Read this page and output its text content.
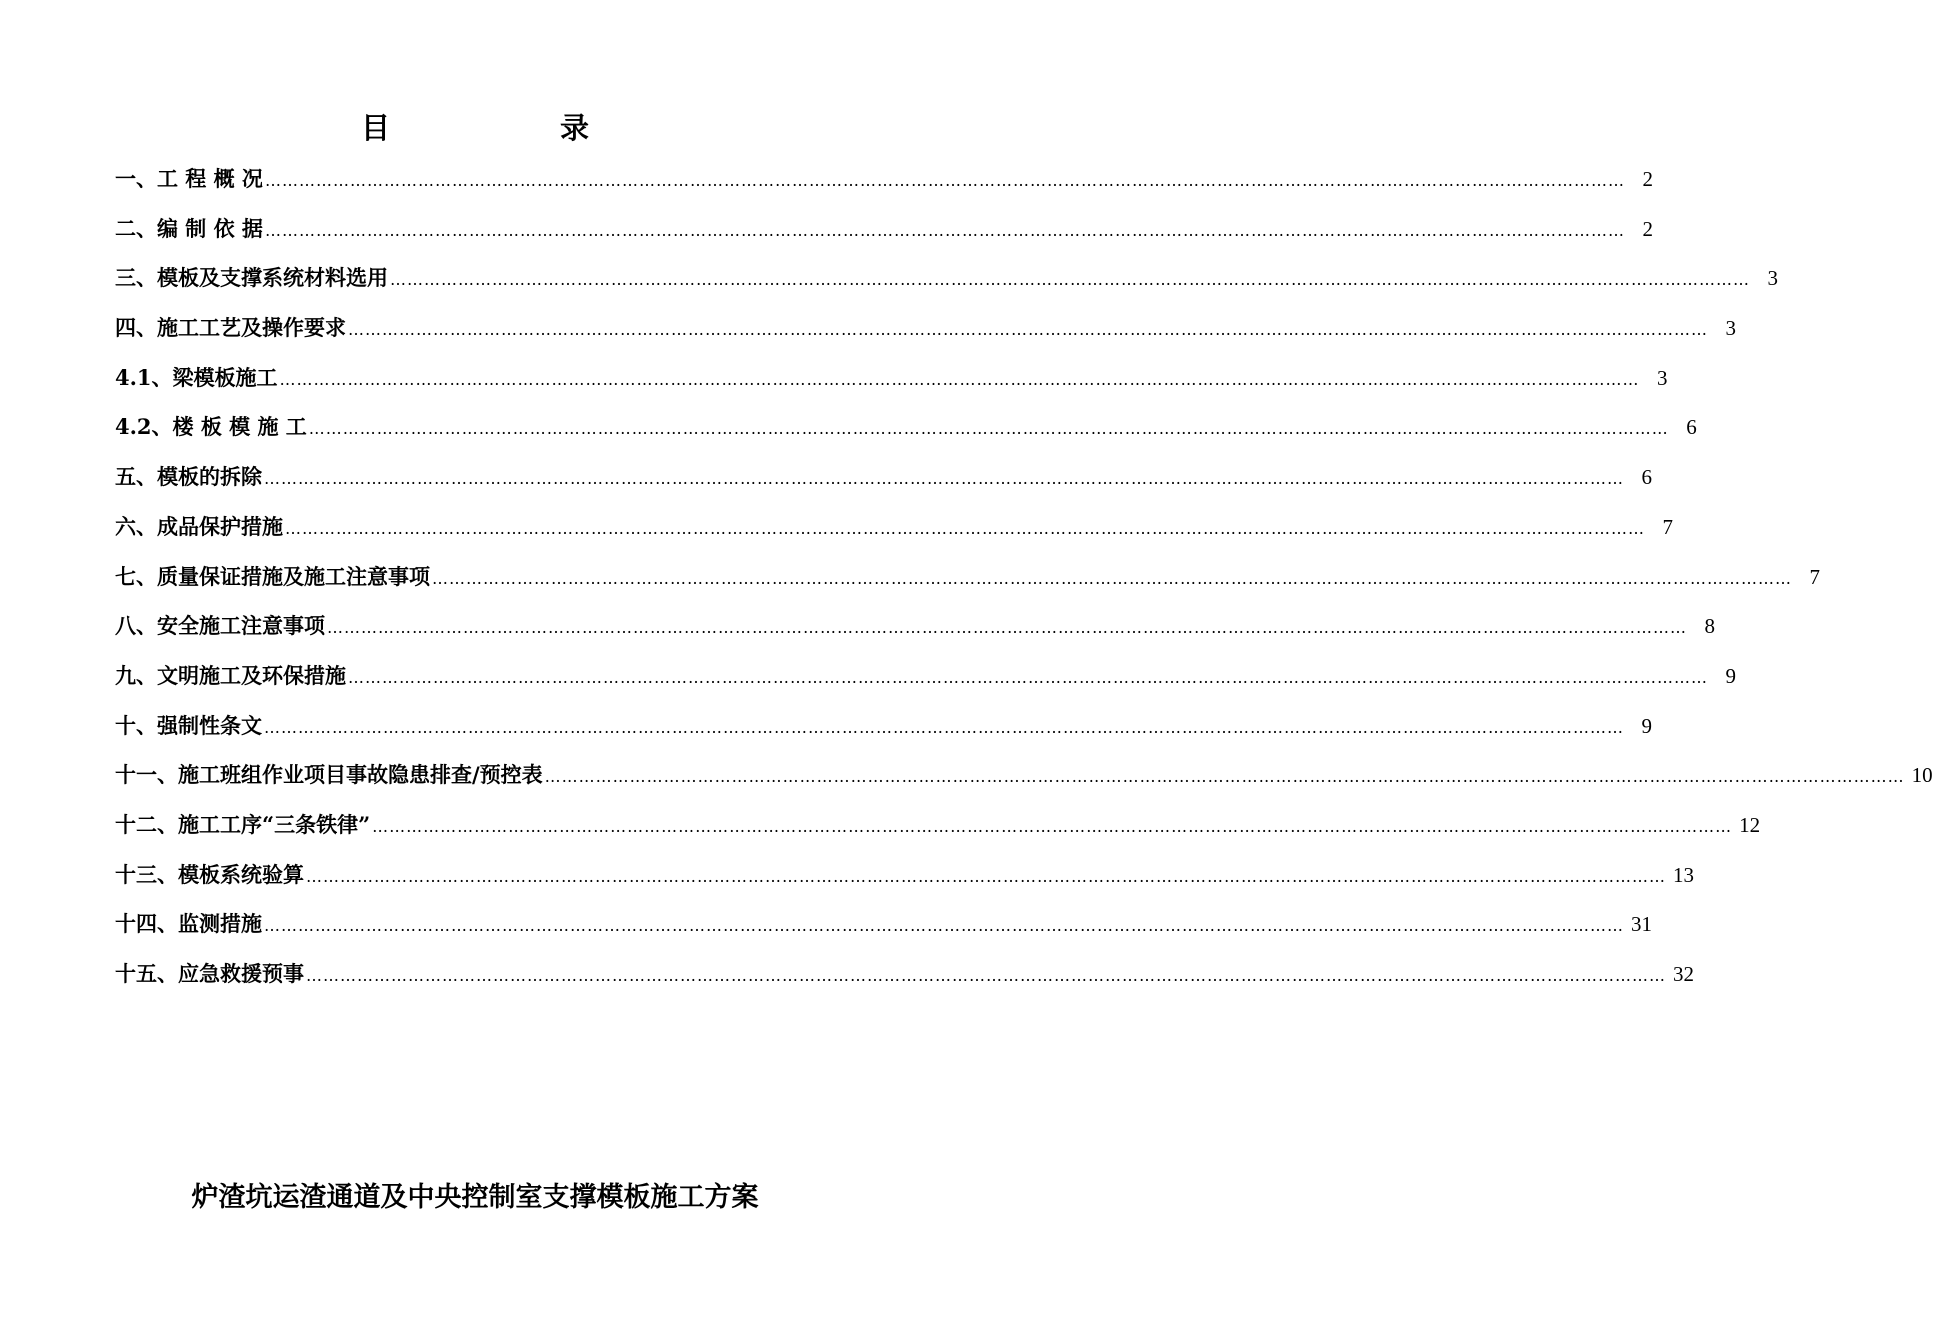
目 录
一、工 程 概 况 …………………………………………………………………………………………………………………………………………………………………………………………………………………… 2
二、编 制 依 据 …………………………………………………………………………………………………………………………………………………………………………………………………………………… 2
三、模板及支撑系统材料选用 …………………………………………………………………………………………………………………………………………………………………………………………………………………… 3
四、施工工艺及操作要求 …………………………………………………………………………………………………………………………………………………………………………………………………………………… 3
4.1、梁模板施工 …………………………………………………………………………………………………………………………………………………………………………………………………………………… 3
4.2、楼 板 模 施 工 …………………………………………………………………………………………………………………………………………………………………………………………………………………… 6
五、模板的拆除 …………………………………………………………………………………………………………………………………………………………………………………………………………………… 6
六、成品保护措施 …………………………………………………………………………………………………………………………………………………………………………………………………………………… 7
七、质量保证措施及施工注意事项 …………………………………………………………………………………………………………………………………………………………………………………………………………………… 7
八、安全施工注意事项 …………………………………………………………………………………………………………………………………………………………………………………………………………………… 8
九、文明施工及环保措施 …………………………………………………………………………………………………………………………………………………………………………………………………………………… 9
十、强制性条文 …………………………………………………………………………………………………………………………………………………………………………………………………………………… 9
十一、施工班组作业项目事故隐患排查/预控表 …………………………………………………………………………………………………………………………………………………………………………………………………………………… 10
十二、施工工序“三条铁律” …………………………………………………………………………………………………………………………………………………………………………………………………………………… 12
十三、模板系统验算 …………………………………………………………………………………………………………………………………………………………………………………………………………………… 13
十四、监测措施 …………………………………………………………………………………………………………………………………………………………………………………………………………………… 31
十五、应急救援预事 …………………………………………………………………………………………………………………………………………………………………………………………………………………… 32
炉渣坑运渣通道及中央控制室支撑模板施工方案
